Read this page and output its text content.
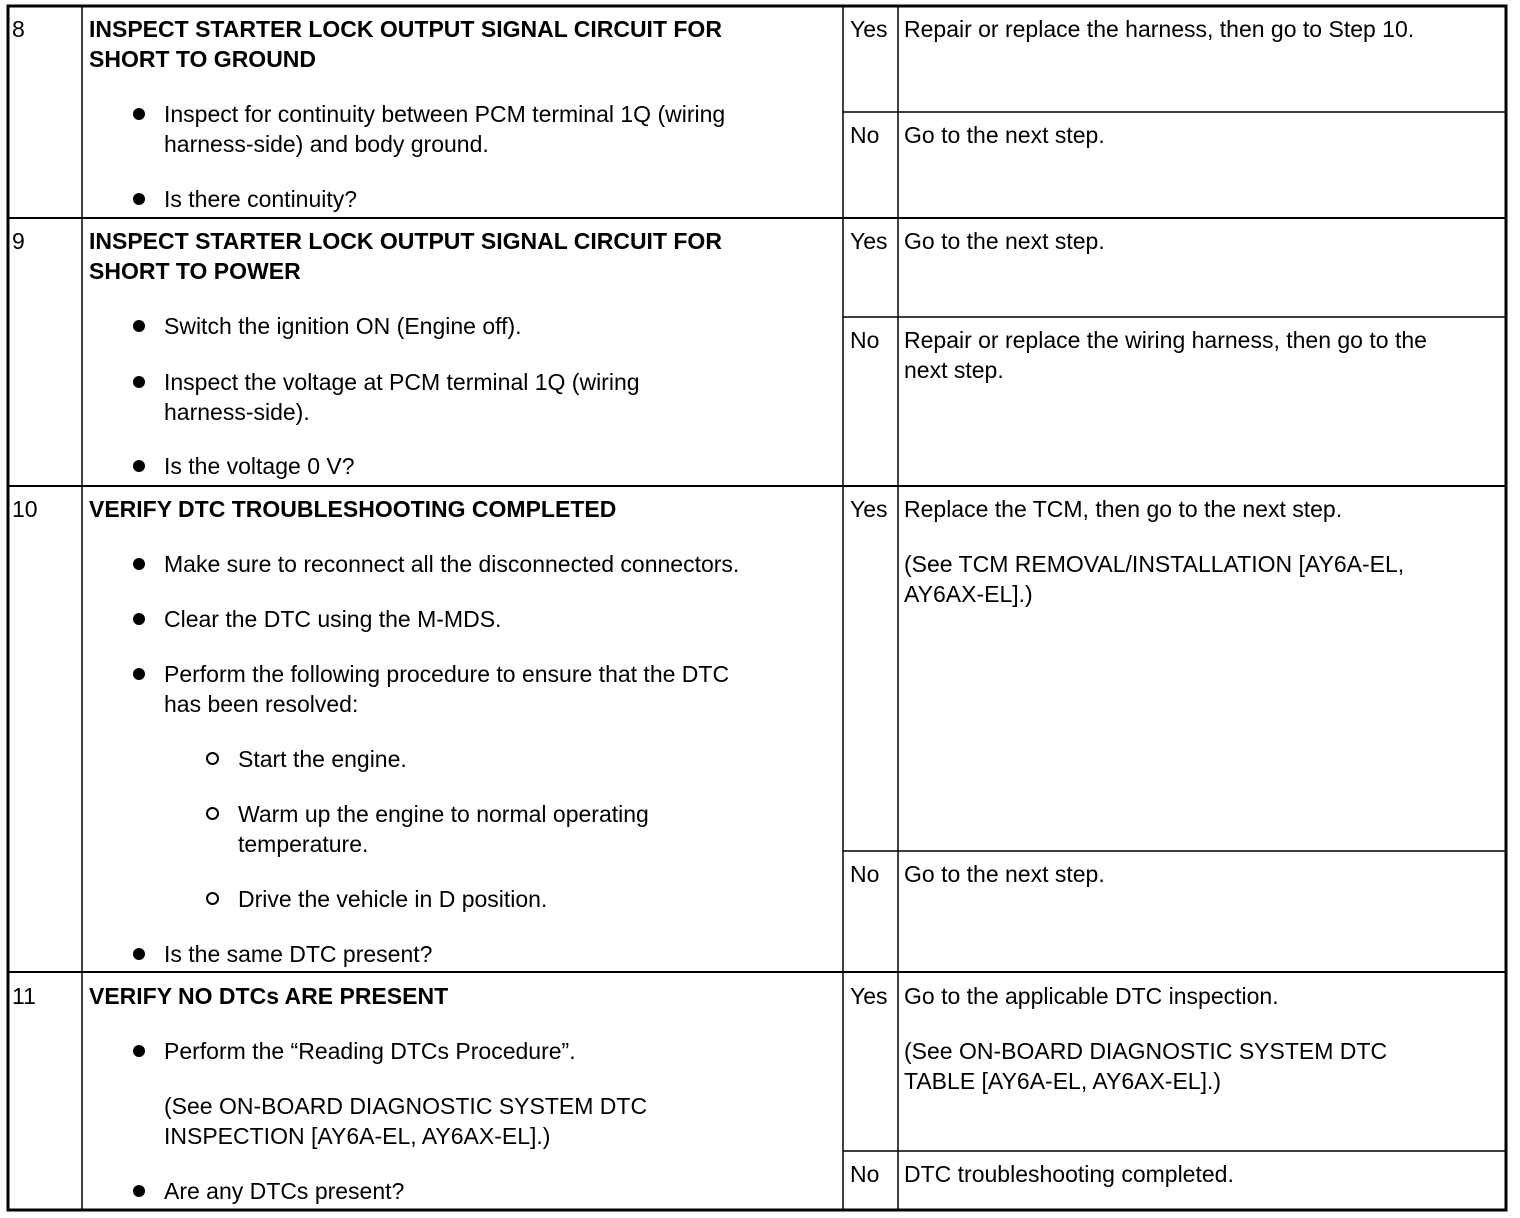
8	INSPECT STARTER LOCK OUTPUT SIGNAL CIRCUIT FOR
SHORT TO GROUND
Inspect for continuity between PCM terminal 1Q (wiring
harness-side) and body ground.
Is there continuity?
Yes Repair or replace the harness, then go to Step 10.
No Go to the next step.
9	INSPECT STARTER LOCK OUTPUT SIGNAL CIRCUIT FOR
SHORT TO POWER
Switch the ignition ON (Engine off).
Inspect the voltage at PCM terminal 1Q (wiring
harness-side).
Is the voltage 0 V?
Yes Go to the next step.
No Repair or replace the wiring harness, then go to the
next step.
10 VERIFY DTC TROUBLESHOOTING COMPLETED
Make sure to reconnect all the disconnected connectors.
Clear the DTC using the M-MDS.
Perform the following procedure to ensure that the DTC
has been resolved:
Start the engine.
Warm up the engine to normal operating
temperature.
Drive the vehicle in D position.
Is the same DTC present?
Yes Replace the TCM, then go to the next step.
(See TCM REMOVAL/INSTALLATION [AY6A-EL,
AY6AX-EL].)
No Go to the next step.
11 VERIFY NO DTCs ARE PRESENT
Perform the “Reading DTCs Procedure”.
(See ON-BOARD DIAGNOSTIC SYSTEM DTC
INSPECTION [AY6A-EL, AY6AX-EL].)
Are any DTCs present?
Yes Go to the applicable DTC inspection.
(See ON-BOARD DIAGNOSTIC SYSTEM DTC
TABLE [AY6A-EL, AY6AX-EL].)
No DTC troubleshooting completed.
